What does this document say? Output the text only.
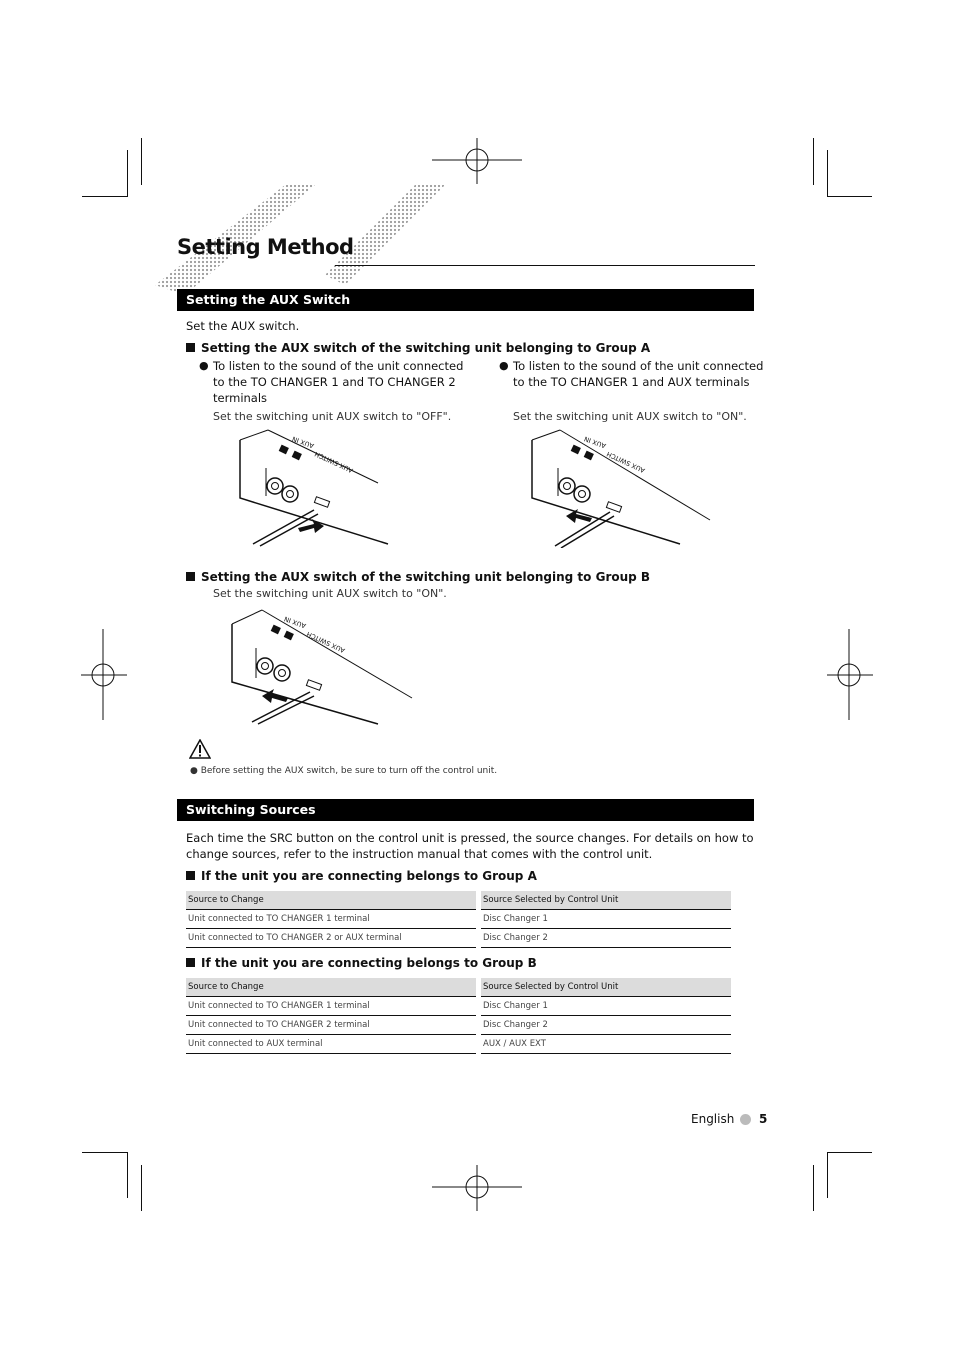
Setting Method
Setting the AUX Switch
Set the AUX switch.
Setting the AUX switch of the switching unit belonging to Group A
● To listen to the sound of the unit connected to the TO CHANGER 1 and TO CHANGER 2 terminals
Set the switching unit AUX switch to "OFF".
● To listen to the sound of the unit connected to the TO CHANGER 1 and AUX terminals
Set the switching unit AUX switch to "ON".
AUX IN
AUX SWITCH
AUX IN
AUX SWITCH
Setting the AUX switch of the switching unit belonging to Group B
Set the switching unit AUX switch to "ON".
AUX IN
AUX SWITCH
● Before setting the AUX switch, be sure to turn off the control unit.
Switching Sources
Each time the SRC button on the control unit is pressed, the source changes. For details on how to change sources, refer to the instruction manual that comes with the control unit.
If the unit you are connecting belongs to Group A
Source to Change	Source Selected by Control Unit
Unit connected to TO CHANGER 1 terminal	Disc Changer 1
Unit connected to TO CHANGER 2 or AUX terminal	Disc Changer 2
If the unit you are connecting belongs to Group B
Source to Change	Source Selected by Control Unit
Unit connected to TO CHANGER 1 terminal	Disc Changer 1
Unit connected to TO CHANGER 2 terminal	Disc Changer 2
Unit connected to AUX terminal	AUX / AUX EXT
English 5
